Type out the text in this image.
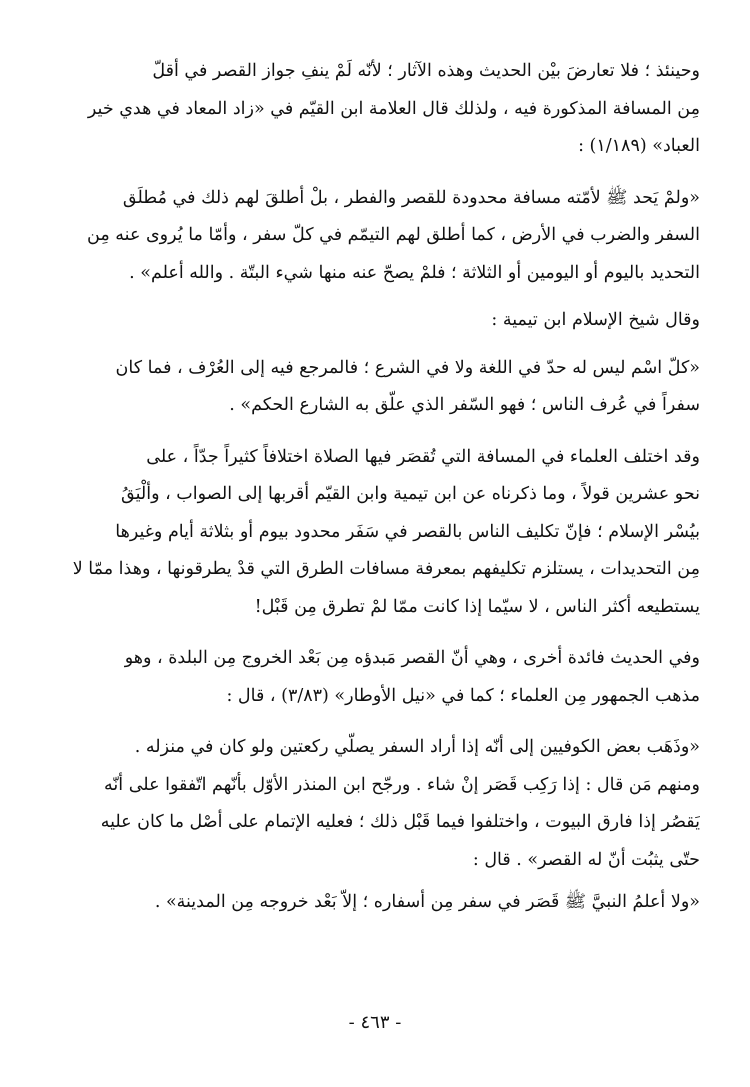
وحينئذ ؛ فلا تعارضَ بيْن الحديث وهذه الآثار ؛ لأنّه لَمْ ينفِ جواز القصر في أقلّ
مِن المسافة المذكورة فيه ، ولذلك قال العلامة ابن القيّم في «زاد المعاد في هدي خير
العباد» (١/١٨٩) :
«ولمْ يَحد ﷺ لأمّته مسافة محدودة للقصر والفطر ، بلْ أطلقَ لهم ذلك في مُطلَق
السفر والضرب في الأرض ، كما أطلق لهم التيمّم في كلّ سفر ، وأمّا ما يُروى عنه مِن
التحديد باليوم أو اليومين أو الثلاثة ؛ فلمْ يصحّ عنه منها شيء البتّة . والله أعلم» .
وقال شيخ الإسلام ابن تيمية :
«كلّ اسْم ليس له حدّ في اللغة ولا في الشرع ؛ فالمرجع فيه إلى العُرْف ، فما كان
سفراً في عُرف الناس ؛ فهو السّفر الذي علّق به الشارع الحكم» .
وقد اختلف العلماء في المسافة التي تُقصَر فيها الصلاة اختلافاً كثيراً جدّاً ، على
نحو عشرين قولاً ، وما ذكرناه عن ابن تيمية وابن القيّم أقربها إلى الصواب ، وألْيَقُ
بيُسْر الإسلام ؛ فإنّ تكليف الناس بالقصر في سَفَر محدود بيوم أو بثلاثة أيام وغيرها
مِن التحديدات ، يستلزم تكليفهم بمعرفة مسافات الطرق التي قدْ يطرقونها ، وهذا ممّا لا
يستطيعه أكثر الناس ، لا سيّما إذا كانت ممّا لمْ تطرق مِن قَبْل!
وفي الحديث فائدة أخرى ، وهي أنّ القصر مَبدؤه مِن بَعْد الخروج مِن البلدة ، وهو
مذهب الجمهور مِن العلماء ؛ كما في «نيل الأوطار» (٣/٨٣) ، قال :
«وذَهَب بعض الكوفيين إلى أنّه إذا أراد السفر يصلّي ركعتين ولو كان في منزله .
ومنهم مَن قال : إذا رَكِب قَصَر إنْ شاء . ورجّح ابن المنذر الأوّل بأنّهم اتّفقوا على أنّه
يَقصُر إذا فارق البيوت ، واختلفوا فيما قَبْل ذلك ؛ فعليه الإتمام على أصْل ما كان عليه
حتّى يثبُت أنّ له القصر» . قال :
«ولا أعلمُ النبيَّ ﷺ قَصَر في سفر مِن أسفاره ؛ إلاّ بَعْد خروجه مِن المدينة» .
- ٤٦٣ -
